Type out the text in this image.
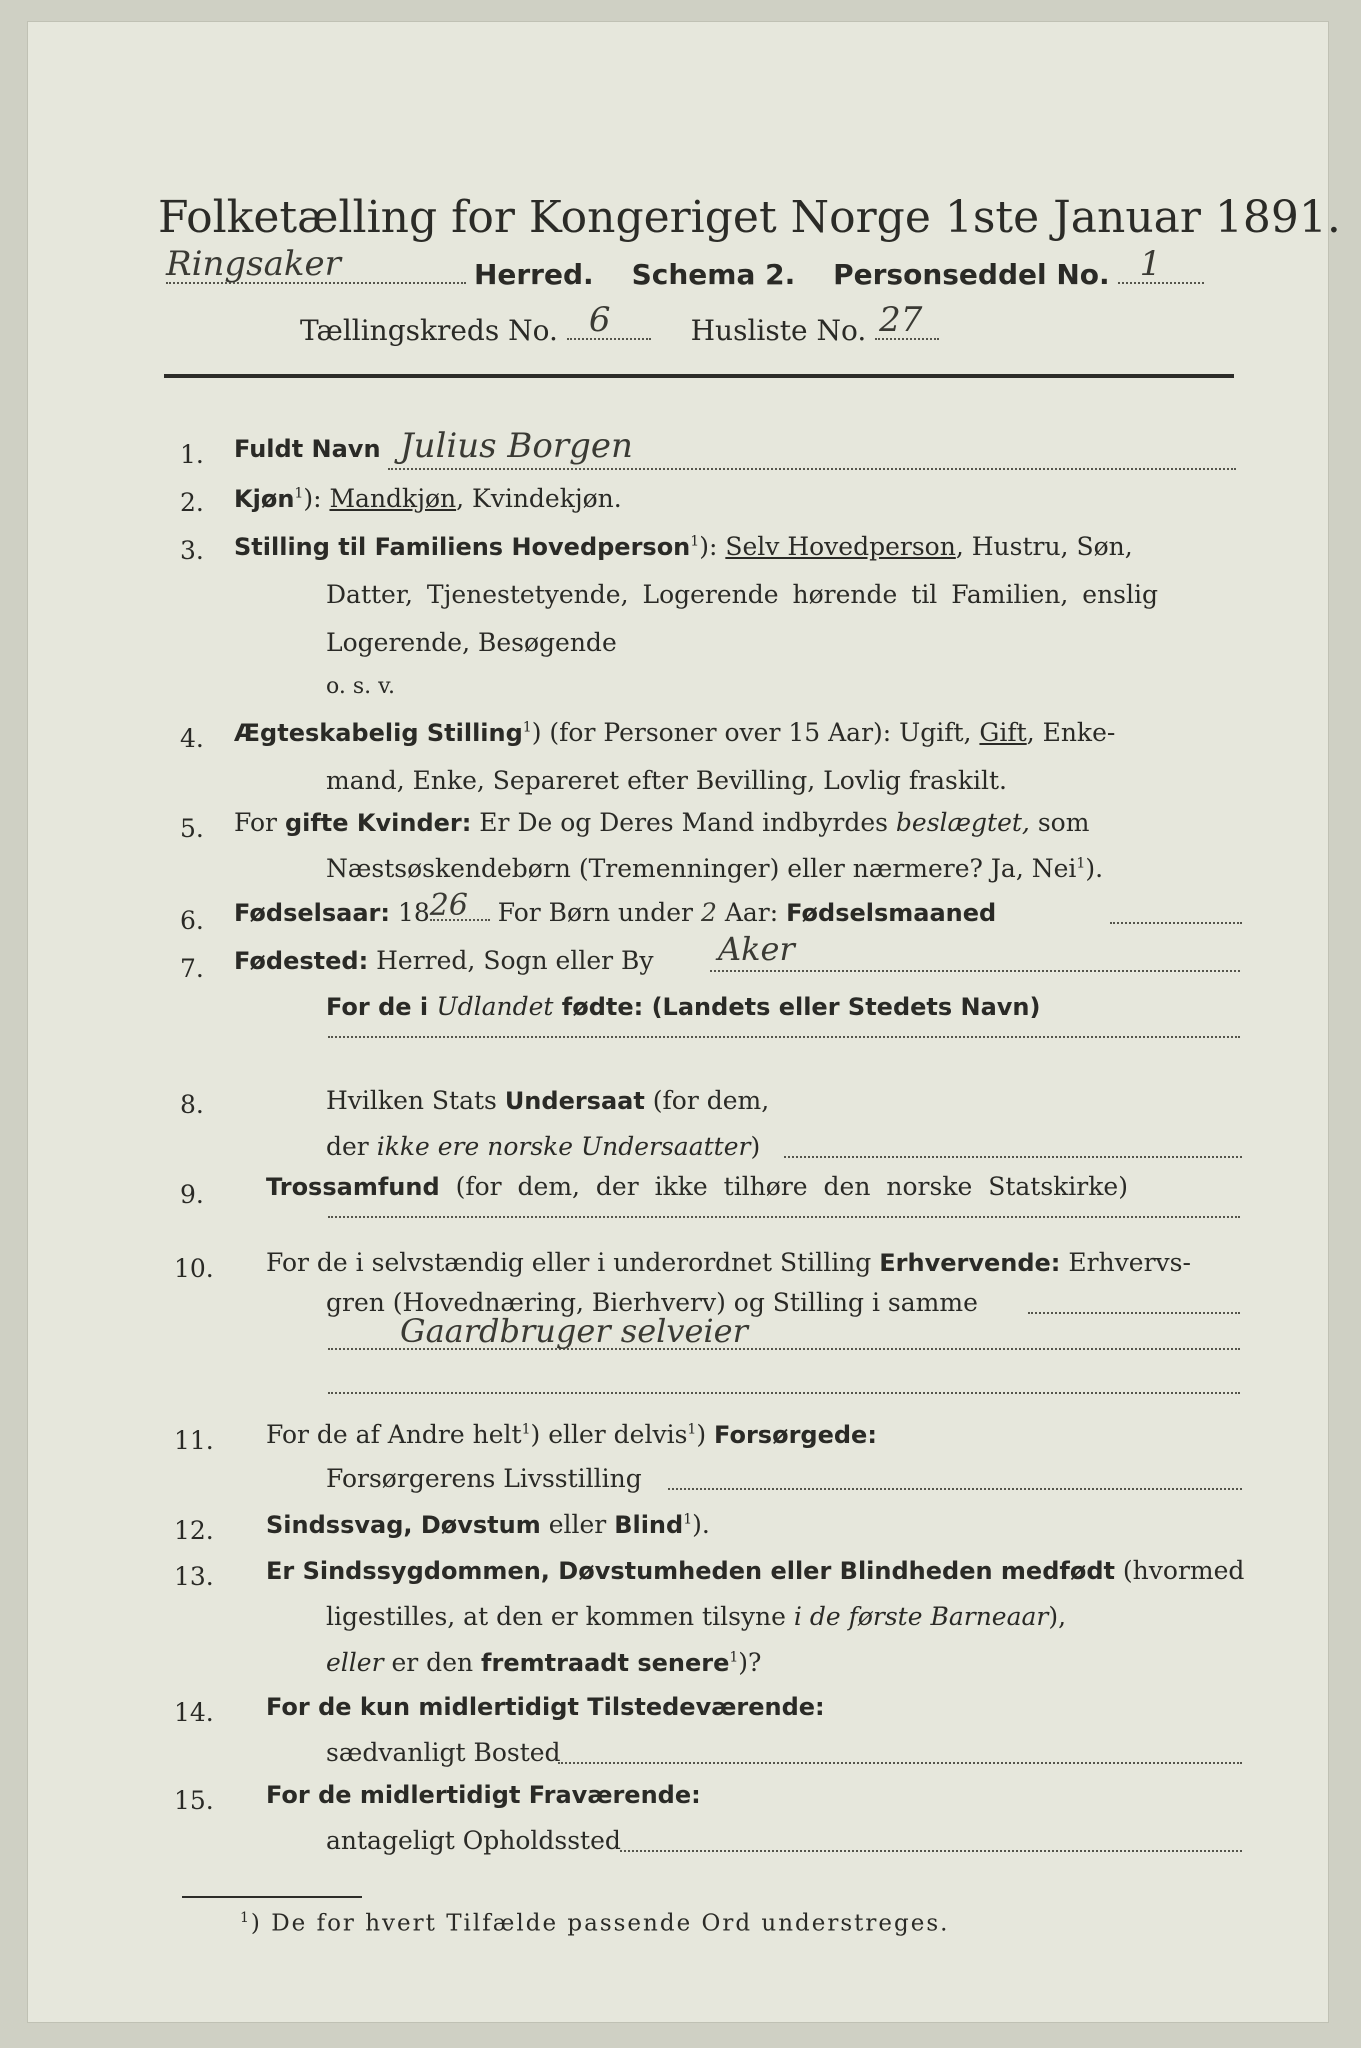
Folketælling for Kongeriget Norge 1ste Januar 1891.
Ringsaker	Herred. Schema 2. Personseddel No. 1
Tællingskreds No. 6	Husliste No. 27
1. Fuldt Navn Julius Borgen
2. Kjøn$^1$): Mandkjøn, Kvindekjøn.
3. Stilling til Familiens Hovedperson$^1$): Selv Hovedperson, Hustru, Søn,
Datter, Tjenestetyende, Logerende hørende til Familien, enslig
Logerende, Besøgende
o. s. v.
4. Ægteskabelig Stilling$^1$) (for Personer over 15 Aar): Ugift, Gift, Enke-
mand, Enke, Separeret efter Bevilling, Lovlig fraskilt.
5. For gifte Kvinder: Er De og Deres Mand indbyrdes beslægtet, som
Næstsøskendebørn (Tremenninger) eller nærmere? Ja, Nei$^1$).
6. Fødselsaar: 18 26 For Børn under 2 Aar: Fødselsmaaned
7. Fødested: Herred, Sogn eller By Aker
For de i Udlandet fødte: (Landets eller Stedets Navn)
8.	Hvilken Stats Undersaat (for dem,
der ikke ere norske Undersaatter)
9.	Trossamfund (for dem, der ikke tilhøre den norske Statskirke)
10. For de i selvstændig eller i underordnet Stilling Erhvervende: Erhvervs-
gren (Hovednæring, Bierhverv) og Stilling i samme
Gaardbruger selveier
11. For de af Andre helt$^1$) eller delvis$^1$) Forsørgede:
Forsørgerens Livsstilling
12. Sindssvag, Døvstum eller Blind$^1$).
13. Er Sindssygdommen, Døvstumheden eller Blindheden medfødt (hvormed
ligestilles, at den er kommen tilsyne i de første Barneaar),
eller er den fremtraadt senere$^1$)?
14. For de kun midlertidigt Tilstedeværende:
sædvanligt Bosted
15. For de midlertidigt Fraværende:
antageligt Opholdssted
$^1$) De for hvert Tilfælde passende Ord understreges.
